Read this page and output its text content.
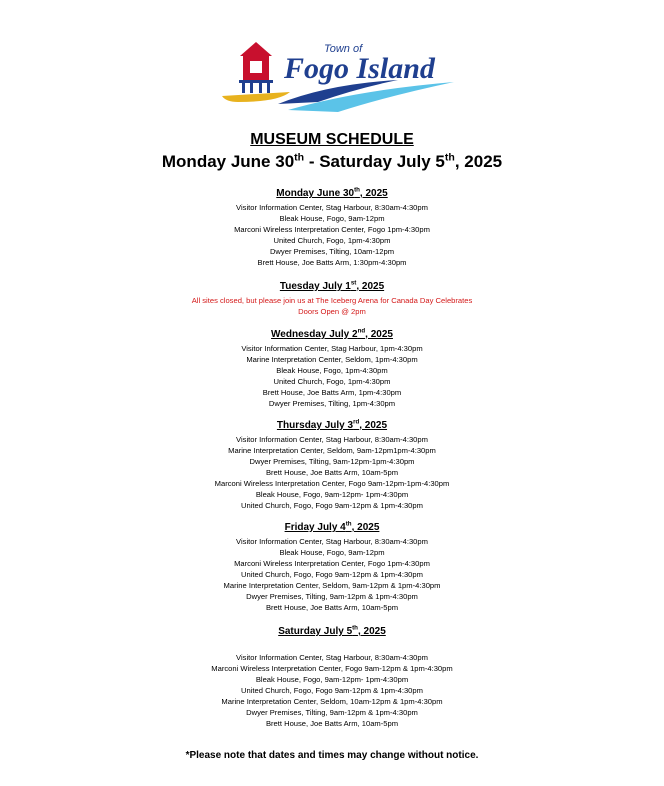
Town of
Fogo Island

MUSEUM SCHEDULE

Monday June 30th - Saturday July 5th, 2025

Monday June 30th, 2025

Visitor Information Center, Stag Harbour, 8:30am-4:30pm

Bleak House, Fogo, 9am-12pm

Marconi Wireless Interpretation Center, Fogo 1pm-4:30pm

United Church, Fogo, 1pm-4:30pm

Dwyer Premises, Tilting, 10am-12pm

Brett House, Joe Batts Arm, 1:30pm-4:30pm

Tuesday July 1st, 2025

All sites closed, but please join us at The Iceberg Arena for Canada Day Celebrates

Doors Open @ 2pm

Wednesday July 2nd, 2025

Visitor Information Center, Stag Harbour, 1pm-4:30pm

Marine Interpretation Center, Seldom, 1pm-4:30pm

Bleak House, Fogo, 1pm-4:30pm

United Church, Fogo, 1pm-4:30pm

Brett House, Joe Batts Arm, 1pm-4:30pm

Dwyer Premises, Tilting, 1pm-4:30pm

Thursday July 3rd, 2025

Visitor Information Center, Stag Harbour, 8:30am-4:30pm

Marine Interpretation Center, Seldom, 9am-12pm1pm-4:30pm

Dwyer Premises, Tilting, 9am-12pm-1pm-4:30pm

Brett House, Joe Batts Arm, 10am-5pm

Marconi Wireless Interpretation Center, Fogo 9am-12pm-1pm-4:30pm

Bleak House, Fogo, 9am-12pm- 1pm-4:30pm

United Church, Fogo, Fogo 9am-12pm & 1pm-4:30pm

Friday July 4th, 2025

Visitor Information Center, Stag Harbour, 8:30am-4:30pm

Bleak House, Fogo, 9am-12pm

Marconi Wireless Interpretation Center, Fogo 1pm-4:30pm

United Church, Fogo, Fogo 9am-12pm & 1pm-4:30pm

Marine Interpretation Center, Seldom, 9am-12pm & 1pm-4:30pm

Dwyer Premises, Tilting, 9am-12pm & 1pm-4:30pm

Brett House, Joe Batts Arm, 10am-5pm

Saturday July 5th, 2025

Visitor Information Center, Stag Harbour, 8:30am-4:30pm

Marconi Wireless Interpretation Center, Fogo 9am-12pm & 1pm-4:30pm

Bleak House, Fogo, 9am-12pm- 1pm-4:30pm

United Church, Fogo, Fogo 9am-12pm & 1pm-4:30pm

Marine Interpretation Center, Seldom, 10am-12pm & 1pm-4:30pm

Dwyer Premises, Tilting, 9am-12pm & 1pm-4:30pm

Brett House, Joe Batts Arm, 10am-5pm

*Please note that dates and times may change without notice.
